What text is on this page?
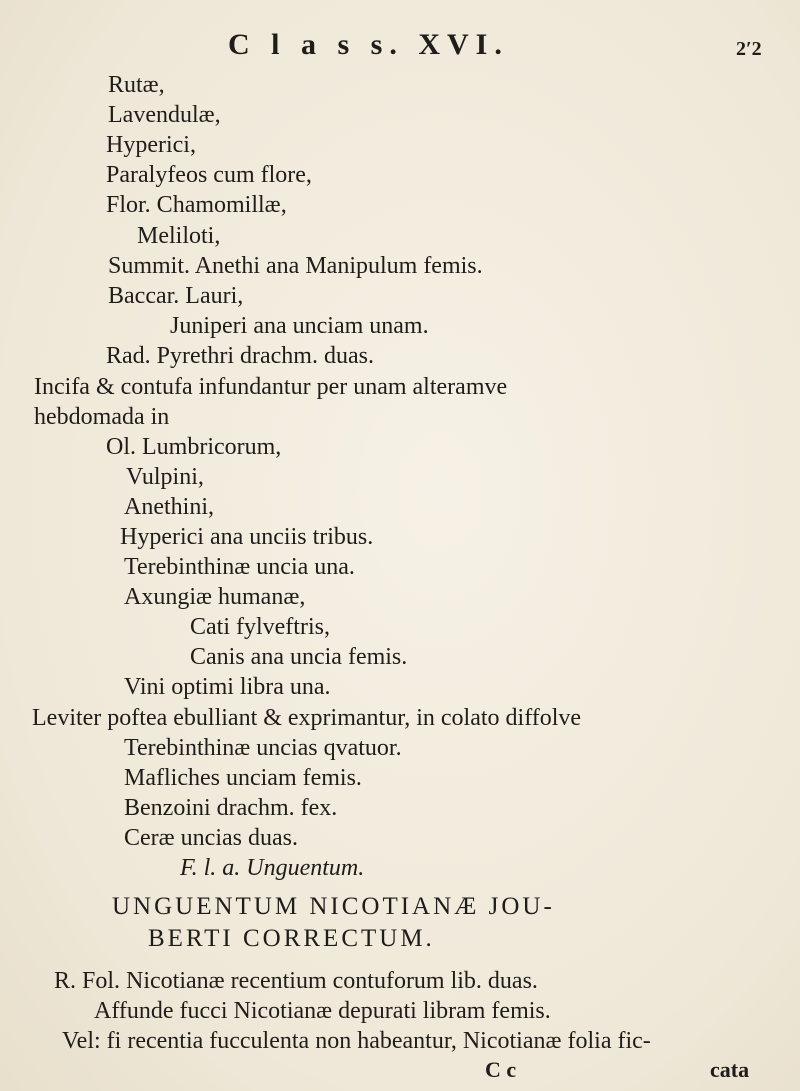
C l a s s. XVI.	2′2
Rutæ,
Lavendulæ,
Hyperici,
Paralyfeos cum flore,
Flor. Chamomillæ,
Meliloti,
Summit. Anethi ana Manipulum femis.
Baccar. Lauri,
Juniperi ana unciam unam.
Rad. Pyrethri drachm. duas.
Incifa & contufa infundantur per unam alteramve
hebdomada in
Ol. Lumbricorum,
Vulpini,
Anethini,
Hyperici ana unciis tribus.
Terebinthinæ uncia una.
Axungiæ humanæ,
Cati fylveftris,
Canis ana uncia femis.
Vini optimi libra una.
Leviter poftea ebulliant & exprimantur, in colato diffolve
Terebinthinæ uncias qvatuor.
Mafliches unciam femis.
Benzoini drachm. fex.
Ceræ uncias duas.
F. l. a. Unguentum.
UNGUENTUM NICOTIANÆ JOU-
BERTI CORRECTUM.
R. Fol. Nicotianæ recentium contuforum lib. duas.
Affunde fucci Nicotianæ depurati libram femis.
Vel: fi recentia fucculenta non habeantur, Nicotianæ folia fic-
C c	cata
